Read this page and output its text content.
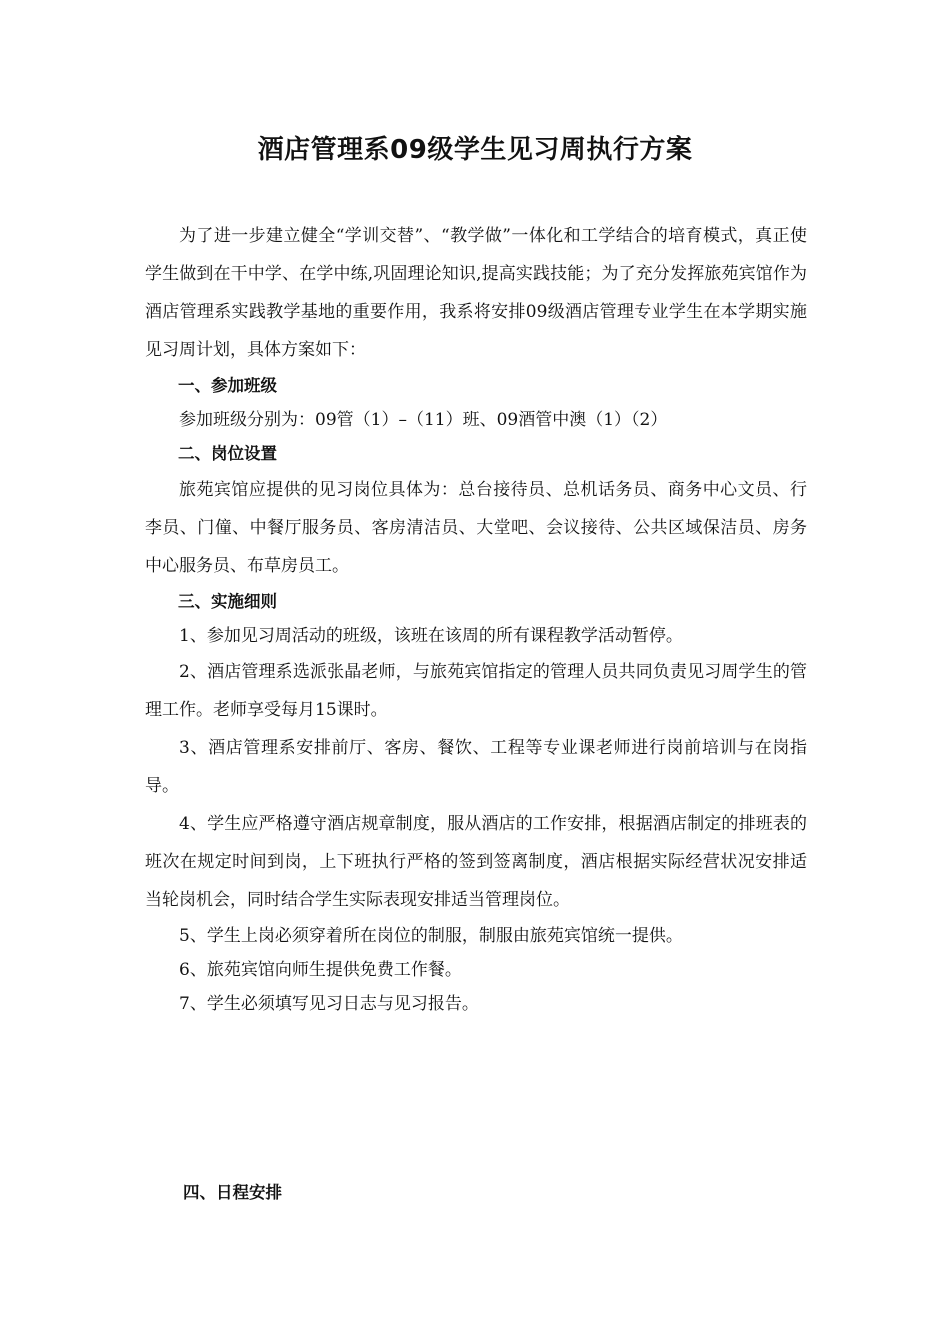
酒店管理系09级学生见习周执行方案

为了进一步建立健全“学训交替”、“教学做”一体化和工学结合的培育模式，真正使学生做到在干中学、在学中练,巩固理论知识,提高实践技能；为了充分发挥旅苑宾馆作为酒店管理系实践教学基地的重要作用，我系将安排09级酒店管理专业学生在本学期实施见习周计划，具体方案如下：

一、参加班级

参加班级分别为：09管（1）–（11）班、09酒管中澳（1）（2）

二、岗位设置

旅苑宾馆应提供的见习岗位具体为：总台接待员、总机话务员、商务中心文员、行李员、门僮、中餐厅服务员、客房清洁员、大堂吧、会议接待、公共区域保洁员、房务中心服务员、布草房员工。

三、实施细则

1、参加见习周活动的班级，该班在该周的所有课程教学活动暂停。

2、酒店管理系选派张晶老师，与旅苑宾馆指定的管理人员共同负责见习周学生的管理工作。老师享受每月15课时。

3、酒店管理系安排前厅、客房、餐饮、工程等专业课老师进行岗前培训与在岗指导。

4、学生应严格遵守酒店规章制度，服从酒店的工作安排，根据酒店制定的排班表的班次在规定时间到岗，上下班执行严格的签到签离制度，酒店根据实际经营状况安排适当轮岗机会，同时结合学生实际表现安排适当管理岗位。

5、学生上岗必须穿着所在岗位的制服，制服由旅苑宾馆统一提供。

6、旅苑宾馆向师生提供免费工作餐。

7、学生必须填写见习日志与见习报告。

四、日程安排
